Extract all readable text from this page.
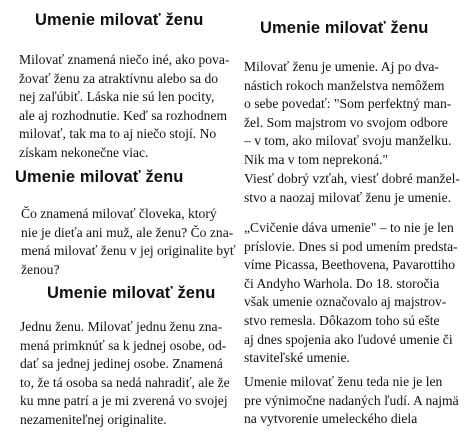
Umenie milovať ženu
Milovať znamená niečo iné, ako pova-
žovať ženu za atraktívnu alebo sa do
nej zaľúbiť. Láska nie sú len pocity,
ale aj rozhodnutie. Keď sa rozhodnem
milovať, tak ma to aj niečo stojí. No
získam nekonečne viac.
Umenie milovať ženu
Čo znamená milovať človeka, ktorý
nie je dieťa ani muž, ale ženu? Čo zna-
mená milovať ženu v jej originalite byť
ženou?
Umenie milovať ženu
Jednu ženu. Milovať jednu ženu zna-
mená primknúť sa k jednej osobe, od-
dať sa jednej jedinej osobe. Znamená
to, že tá osoba sa nedá nahradiť, ale že
ku mne patrí a je mi zverená vo svojej
nezameniteľnej originalite.
Umenie milovať ženu
Milovať ženu je umenie. Aj po dva-
nástich rokoch manželstva nemôžem
o sebe povedať: "Som perfektný man-
žel. Som majstrom vo svojom odbore
– v tom, ako milovať svoju manželku.
Nik ma v tom neprekoná."
Viesť dobrý vzťah, viesť dobré manžel-
stvo a naozaj milovať ženu je umenie.
„Cvičenie dáva umenie" – to nie je len
príslovie. Dnes si pod umením predsta-
víme Picassa, Beethovena, Pavarottiho
či Andyho Warhola. Do 18. storočia
však umenie označovalo aj majstrov-
stvo remesla. Dôkazom toho sú ešte
aj dnes spojenia ako ľudové umenie či
staviteľské umenie.
Umenie milovať ženu teda nie je len
pre výnimočne nadaných ľudí. A najmä
na vytvorenie umeleckého diela
